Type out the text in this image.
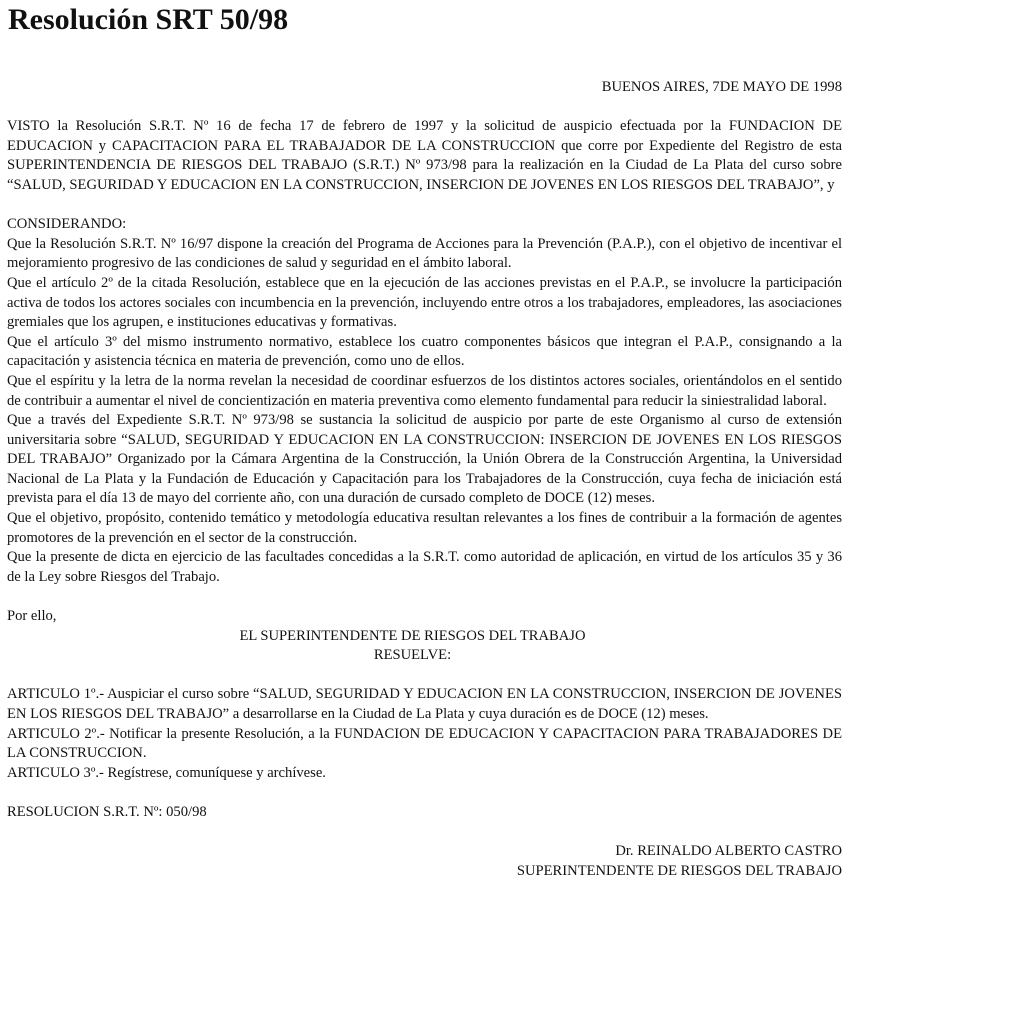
Resolución SRT 50/98

BUENOS AIRES, 7DE MAYO DE 1998

VISTO la Resolución S.R.T. Nº 16 de fecha 17 de febrero de 1997 y la solicitud de auspicio efectuada por la FUNDACION DE EDUCACION y CAPACITACION PARA EL TRABAJADOR DE LA CONSTRUCCION que corre por Expediente del Registro de esta SUPERINTENDENCIA DE RIESGOS DEL TRABAJO (S.R.T.) Nº 973/98 para la realización en la Ciudad de La Plata del curso sobre “SALUD, SEGURIDAD Y EDUCACION EN LA CONSTRUCCION, INSERCION DE JOVENES EN LOS RIESGOS DEL TRABAJO”, y

CONSIDERANDO:

Que la Resolución S.R.T. Nº 16/97 dispone la creación del Programa de Acciones para la Prevención (P.A.P.), con el objetivo de incentivar el mejoramiento progresivo de las condiciones de salud y seguridad en el ámbito laboral.

Que el artículo 2º de la citada Resolución, establece que en la ejecución de las acciones previstas en el P.A.P., se involucre la participación activa de todos los actores sociales con incumbencia en la prevención, incluyendo entre otros a los trabajadores, empleadores, las asociaciones gremiales que los agrupen, e instituciones educativas y formativas.

Que el artículo 3º del mismo instrumento normativo, establece los cuatro componentes básicos que integran el P.A.P., consignando a la capacitación y asistencia técnica en materia de prevención, como uno de ellos.

Que el espíritu y la letra de la norma revelan la necesidad de coordinar esfuerzos de los distintos actores sociales, orientándolos en el sentido de contribuir a aumentar el nivel de concientización en materia preventiva como elemento fundamental para reducir la siniestralidad laboral.

Que a través del Expediente S.R.T. Nº 973/98 se sustancia la solicitud de auspicio por parte de este Organismo al curso de extensión universitaria sobre “SALUD, SEGURIDAD Y EDUCACION EN LA CONSTRUCCION: INSERCION DE JOVENES EN LOS RIESGOS DEL TRABAJO” Organizado por la Cámara Argentina de la Construcción, la Unión Obrera de la Construcción Argentina, la Universidad Nacional de La Plata y la Fundación de Educación y Capacitación para los Trabajadores de la Construcción, cuya fecha de iniciación está prevista para el día 13 de mayo del corriente año, con una duración de cursado completo de DOCE (12) meses.

Que el objetivo, propósito, contenido temático y metodología educativa resultan relevantes a los fines de contribuir a la formación de agentes promotores de la prevención en el sector de la construcción.

Que la presente de dicta en ejercicio de las facultades concedidas a la S.R.T. como autoridad de aplicación, en virtud de los artículos 35 y 36 de la Ley sobre Riesgos del Trabajo.

Por ello,

EL SUPERINTENDENTE DE RIESGOS DEL TRABAJO

RESUELVE:

ARTICULO 1º.- Auspiciar el curso sobre “SALUD, SEGURIDAD Y EDUCACION EN LA CONSTRUCCION, INSERCION DE JOVENES EN LOS RIESGOS DEL TRABAJO” a desarrollarse en la Ciudad de La Plata y cuya duración es de DOCE (12) meses.

ARTICULO 2º.- Notificar la presente Resolución, a la FUNDACION DE EDUCACION Y CAPACITACION PARA TRABAJADORES DE LA CONSTRUCCION.

ARTICULO 3º.- Regístrese, comuníquese y archívese.

RESOLUCION S.R.T. Nº: 050/98

Dr. REINALDO ALBERTO CASTRO

SUPERINTENDENTE DE RIESGOS DEL TRABAJO
